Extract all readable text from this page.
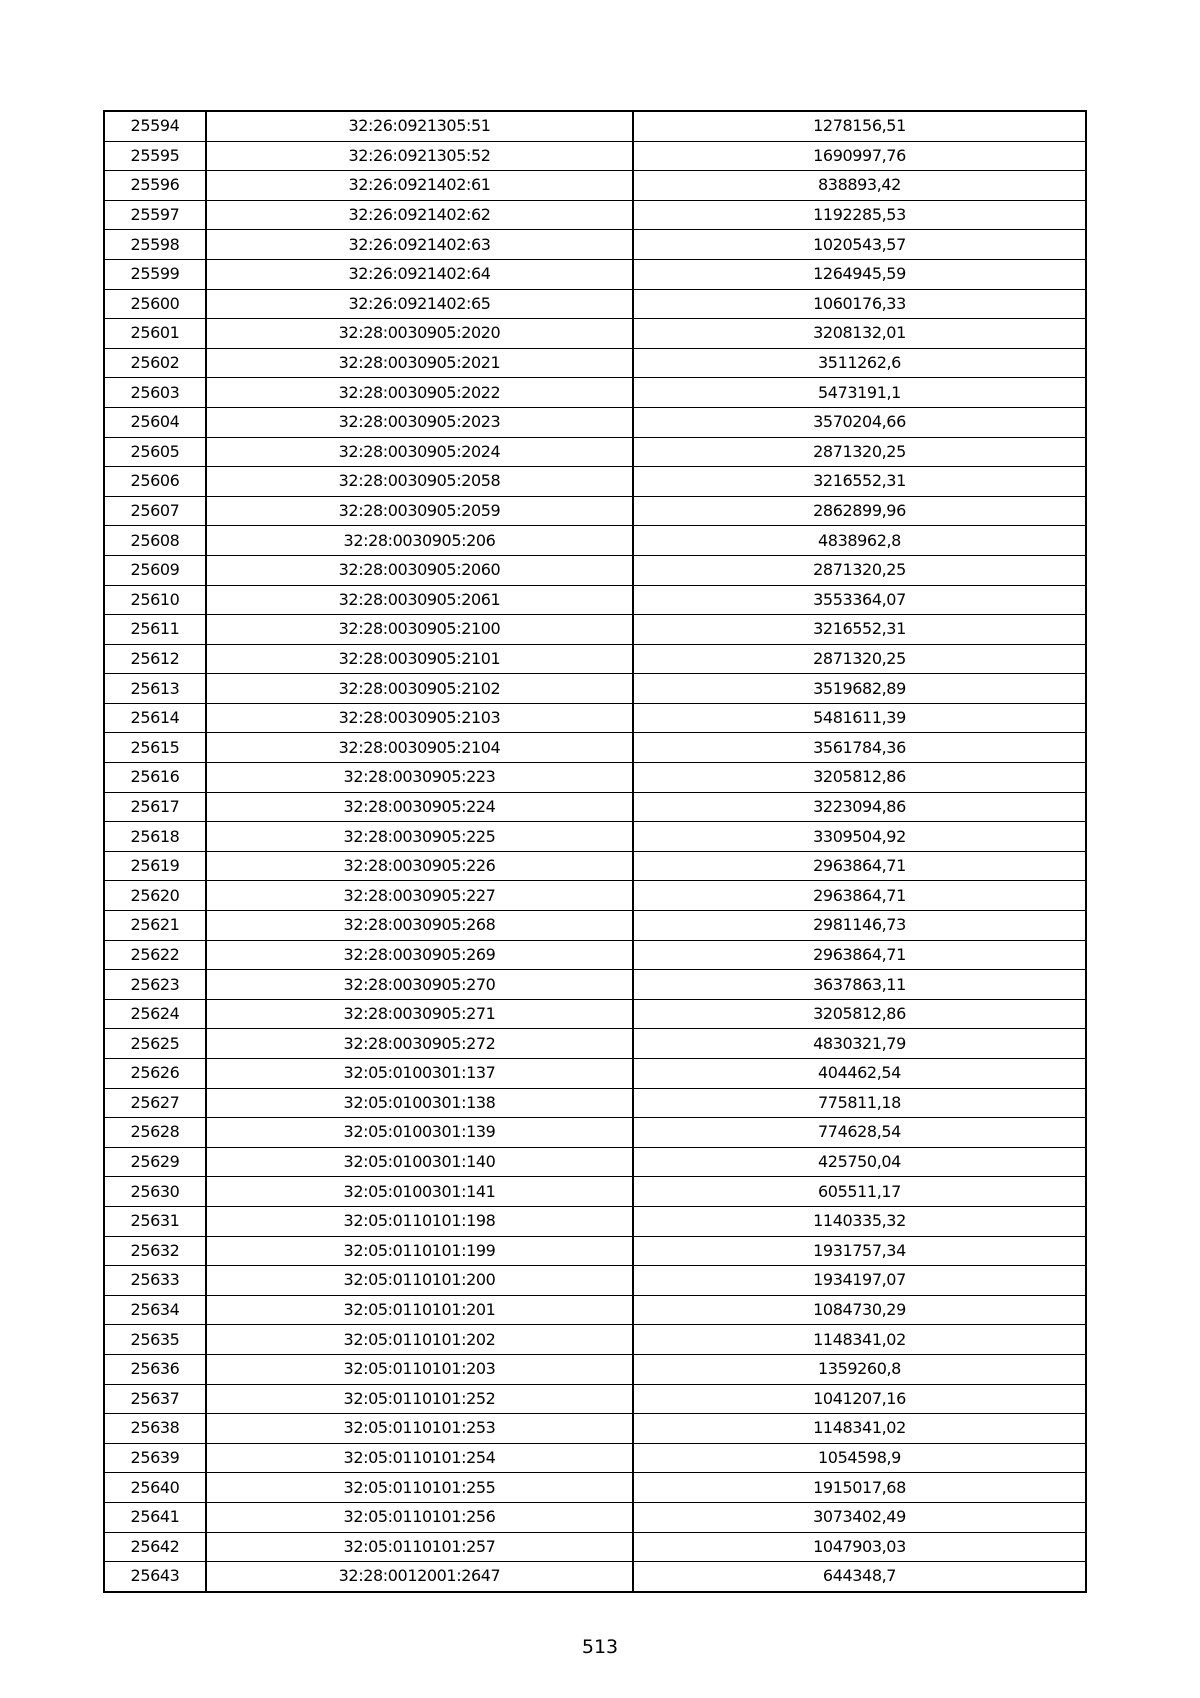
25594	32:26:0921305:51	1278156,51
25595	32:26:0921305:52	1690997,76
25596	32:26:0921402:61	838893,42
25597	32:26:0921402:62	1192285,53
25598	32:26:0921402:63	1020543,57
25599	32:26:0921402:64	1264945,59
25600	32:26:0921402:65	1060176,33
25601	32:28:0030905:2020	3208132,01
25602	32:28:0030905:2021	3511262,6
25603	32:28:0030905:2022	5473191,1
25604	32:28:0030905:2023	3570204,66
25605	32:28:0030905:2024	2871320,25
25606	32:28:0030905:2058	3216552,31
25607	32:28:0030905:2059	2862899,96
25608	32:28:0030905:206	4838962,8
25609	32:28:0030905:2060	2871320,25
25610	32:28:0030905:2061	3553364,07
25611	32:28:0030905:2100	3216552,31
25612	32:28:0030905:2101	2871320,25
25613	32:28:0030905:2102	3519682,89
25614	32:28:0030905:2103	5481611,39
25615	32:28:0030905:2104	3561784,36
25616	32:28:0030905:223	3205812,86
25617	32:28:0030905:224	3223094,86
25618	32:28:0030905:225	3309504,92
25619	32:28:0030905:226	2963864,71
25620	32:28:0030905:227	2963864,71
25621	32:28:0030905:268	2981146,73
25622	32:28:0030905:269	2963864,71
25623	32:28:0030905:270	3637863,11
25624	32:28:0030905:271	3205812,86
25625	32:28:0030905:272	4830321,79
25626	32:05:0100301:137	404462,54
25627	32:05:0100301:138	775811,18
25628	32:05:0100301:139	774628,54
25629	32:05:0100301:140	425750,04
25630	32:05:0100301:141	605511,17
25631	32:05:0110101:198	1140335,32
25632	32:05:0110101:199	1931757,34
25633	32:05:0110101:200	1934197,07
25634	32:05:0110101:201	1084730,29
25635	32:05:0110101:202	1148341,02
25636	32:05:0110101:203	1359260,8
25637	32:05:0110101:252	1041207,16
25638	32:05:0110101:253	1148341,02
25639	32:05:0110101:254	1054598,9
25640	32:05:0110101:255	1915017,68
25641	32:05:0110101:256	3073402,49
25642	32:05:0110101:257	1047903,03
25643	32:28:0012001:2647	644348,7
513
